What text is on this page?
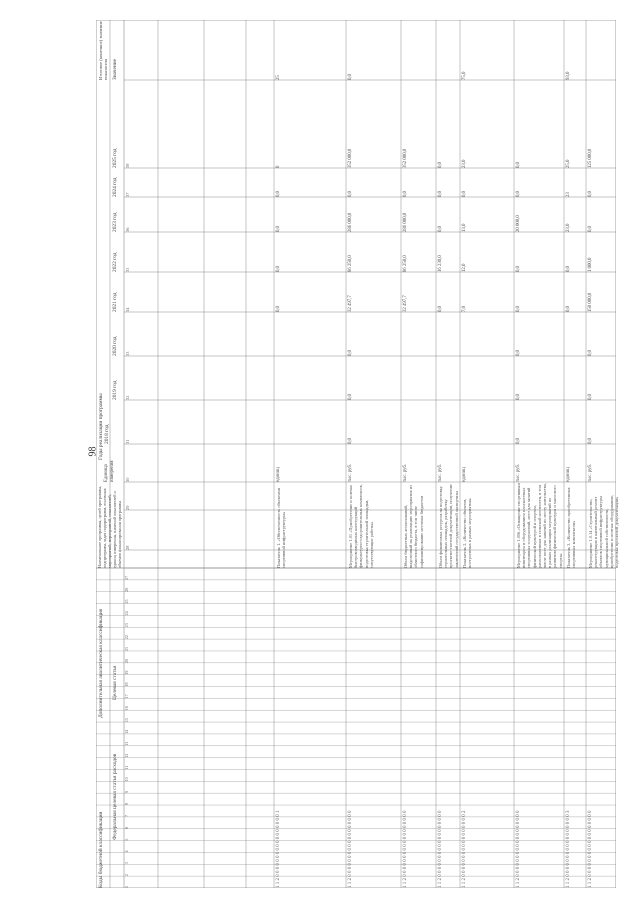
98
Итоговое (конечное) значение показателя Значение
Годы реализации программы
2025 год
2024 год
2023 год
2022 год
2021 год
2020 год
2019 год
2018 год
Единица измерения
Наименование программы, целей программы, подпрограмм, задач подпрограмм, основных мероприятий, мероприятий, показателей, единиц измерения, значений показателей и объемов финансирования программы
Коды бюджетной классификации
Дополнительная аналитическая классификация
Федеральная целевая статья расходов
Целевая статья
28
29
30
31
32
33
34
35
36
37
38
1
2
3
4
5
6
7
8
9
10
11
12
13
14
15
16
17
18
19
20
21
22
23
24
25
26
27
Показатель 1. «Обеспеченность объектами спортивной инфраструктуры»
единиц
0,0
0,0
0,0
0,0
0
25
1 1 2 0 0 0 0 0 0 0 0 0 0 0 0 0 0 0 0 0 1
Мероприятие 1.01 «Приобретение и монтаж быстровозводимых конструкций физкультурно-оздоровительных комплексов, подготовка строительной площадки, сопутствующие работы»
тыс. руб.
0,0
0,0
0,0
32 497,7
86 250,0
286 000,0
0,0
352 000,0
0,0
1 1 2 0 0 0 0 0 0 0 0 0 0 0 0 0 0 0 0 0 0
Объем бюджетных ассигнований, выделенный на реализацию мероприятия из областного бюджета, в том числе софинансирование местных бюджетов
тыс. руб.
32 497,7
86 250,0
286 000,0
0,0
352 000,0
1 1 2 0 0 0 0 0 0 0 0 0 0 0 0 0 0 0 0 0 0
Объем финансовых ресурсов на подготовку строительных площадок, разработку проектно-сметной документации, получение заключений государственной экспертизы
тыс. руб.
0,0
16 230,0
0,0
0,0
0,0
1 1 2 0 0 0 0 0 0 0 0 0 0 0 0 0 0 0 0 0 0
Показатель 2. «Количество объектов, построенных в рамках мероприятия»
единиц
7,0
12,0
13,0
0,0
23,0
75,0
1 1 2 0 0 0 0 0 0 0 0 0 0 0 0 0 0 0 0 0 2
Мероприятие 1.006 «Оснащение спортивным инвентарем и оборудованием плоскостных спортивных сооружений, мест для занятий физической культурой и спортом, расположенных в сельской местности, в том числе мест для занятий по месту жительства, в рамках реализации мероприятий по развитию физической культуры и массового спорта»
тыс. руб.
0,0
0,0
0,0
0,0
0,0
20 000,0
0,0
0,0
1 1 2 0 0 0 0 0 0 0 0 0 0 0 0 0 0 0 0 0 0
Показатель 3. «Количество приобретенных спортивных комплексов»
единиц
0,0
0,0
23,0
23
25,0
93,0
1 1 2 0 0 0 0 0 0 0 0 0 0 0 0 0 0 0 0 0 3
Мероприятие 1.0.14 «Строительство, реконструкция и капитальный ремонт объектов спортивной инфраструктуры муниципальной собственности, приобретение и монтаж оборудования, подготовка проектной документации»
тыс. руб.
0,0
0,0
0,0
150 000,0
1 000,0
0,0
0,0
125 000,0
1 1 2 0 0 0 0 0 0 0 0 0 0 0 0 0 0 0 0 0 0
